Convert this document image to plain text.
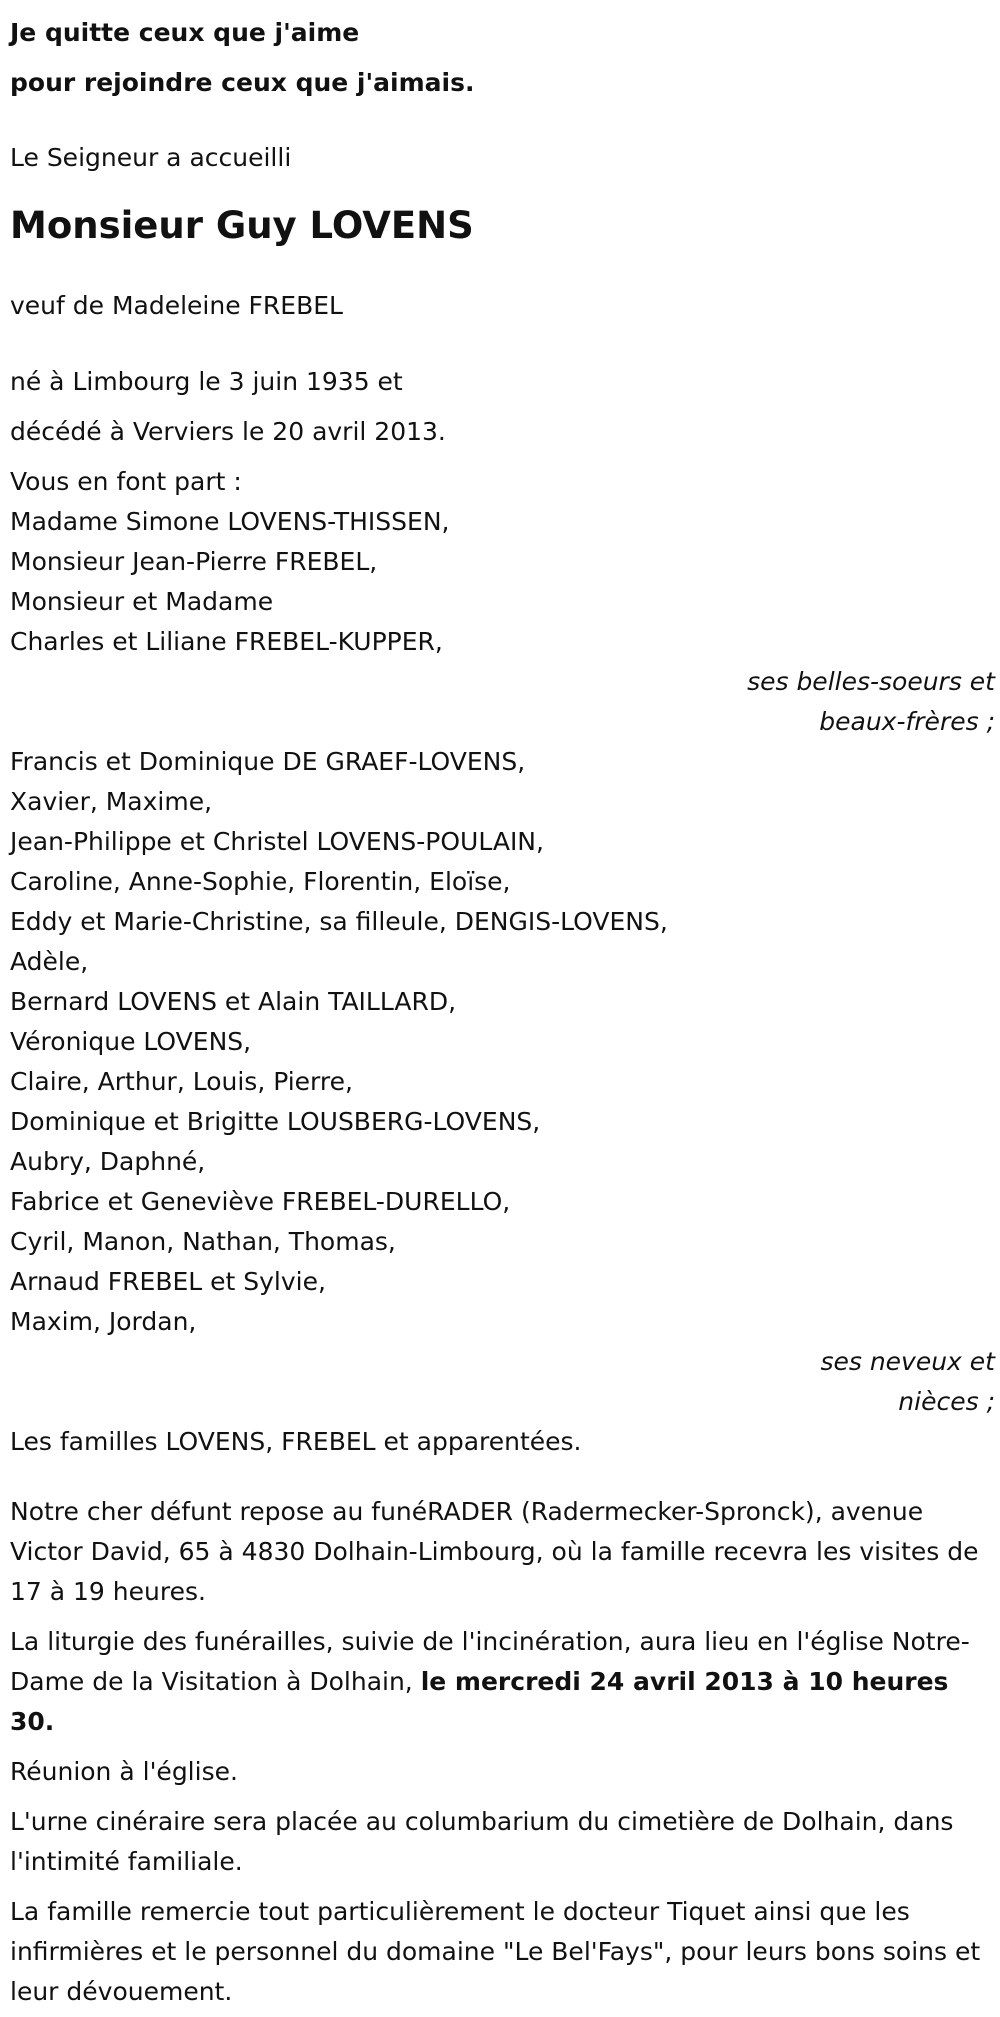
Je quitte ceux que j'aime

pour rejoindre ceux que j'aimais.

Le Seigneur a accueilli

Monsieur Guy LOVENS

veuf de Madeleine FREBEL

né à Limbourg le 3 juin 1935 et

décédé à Verviers le 20 avril 2013.

Vous en font part :

Madame Simone LOVENS-THISSEN,

Monsieur Jean-Pierre FREBEL,

Monsieur et Madame

Charles et Liliane FREBEL-KUPPER,

ses belles-soeurs et

beaux-frères ;

Francis et Dominique DE GRAEF-LOVENS,

Xavier, Maxime,

Jean-Philippe et Christel LOVENS-POULAIN,

Caroline, Anne-Sophie, Florentin, Eloïse,

Eddy et Marie-Christine, sa filleule, DENGIS-LOVENS,

Adèle,

Bernard LOVENS et Alain TAILLARD,

Véronique LOVENS,

Claire, Arthur, Louis, Pierre,

Dominique et Brigitte LOUSBERG-LOVENS,

Aubry, Daphné,

Fabrice et Geneviève FREBEL-DURELLO,

Cyril, Manon, Nathan, Thomas,

Arnaud FREBEL et Sylvie,

Maxim, Jordan,

ses neveux et

nièces ;

Les familles LOVENS, FREBEL et apparentées.

Notre cher défunt repose au funéRADER (Radermecker-Spronck), avenue Victor David, 65 à 4830 Dolhain-Limbourg, où la famille recevra les visites de 17 à 19 heures.

La liturgie des funérailles, suivie de l'incinération, aura lieu en l'église Notre-Dame de la Visitation à Dolhain, le mercredi 24 avril 2013 à 10 heures 30.

Réunion à l'église.

L'urne cinéraire sera placée au columbarium du cimetière de Dolhain, dans l'intimité familiale.

La famille remercie tout particulièrement le docteur Tiquet ainsi que les infirmières et le personnel du domaine "Le Bel'Fays", pour leurs bons soins et leur dévouement.
